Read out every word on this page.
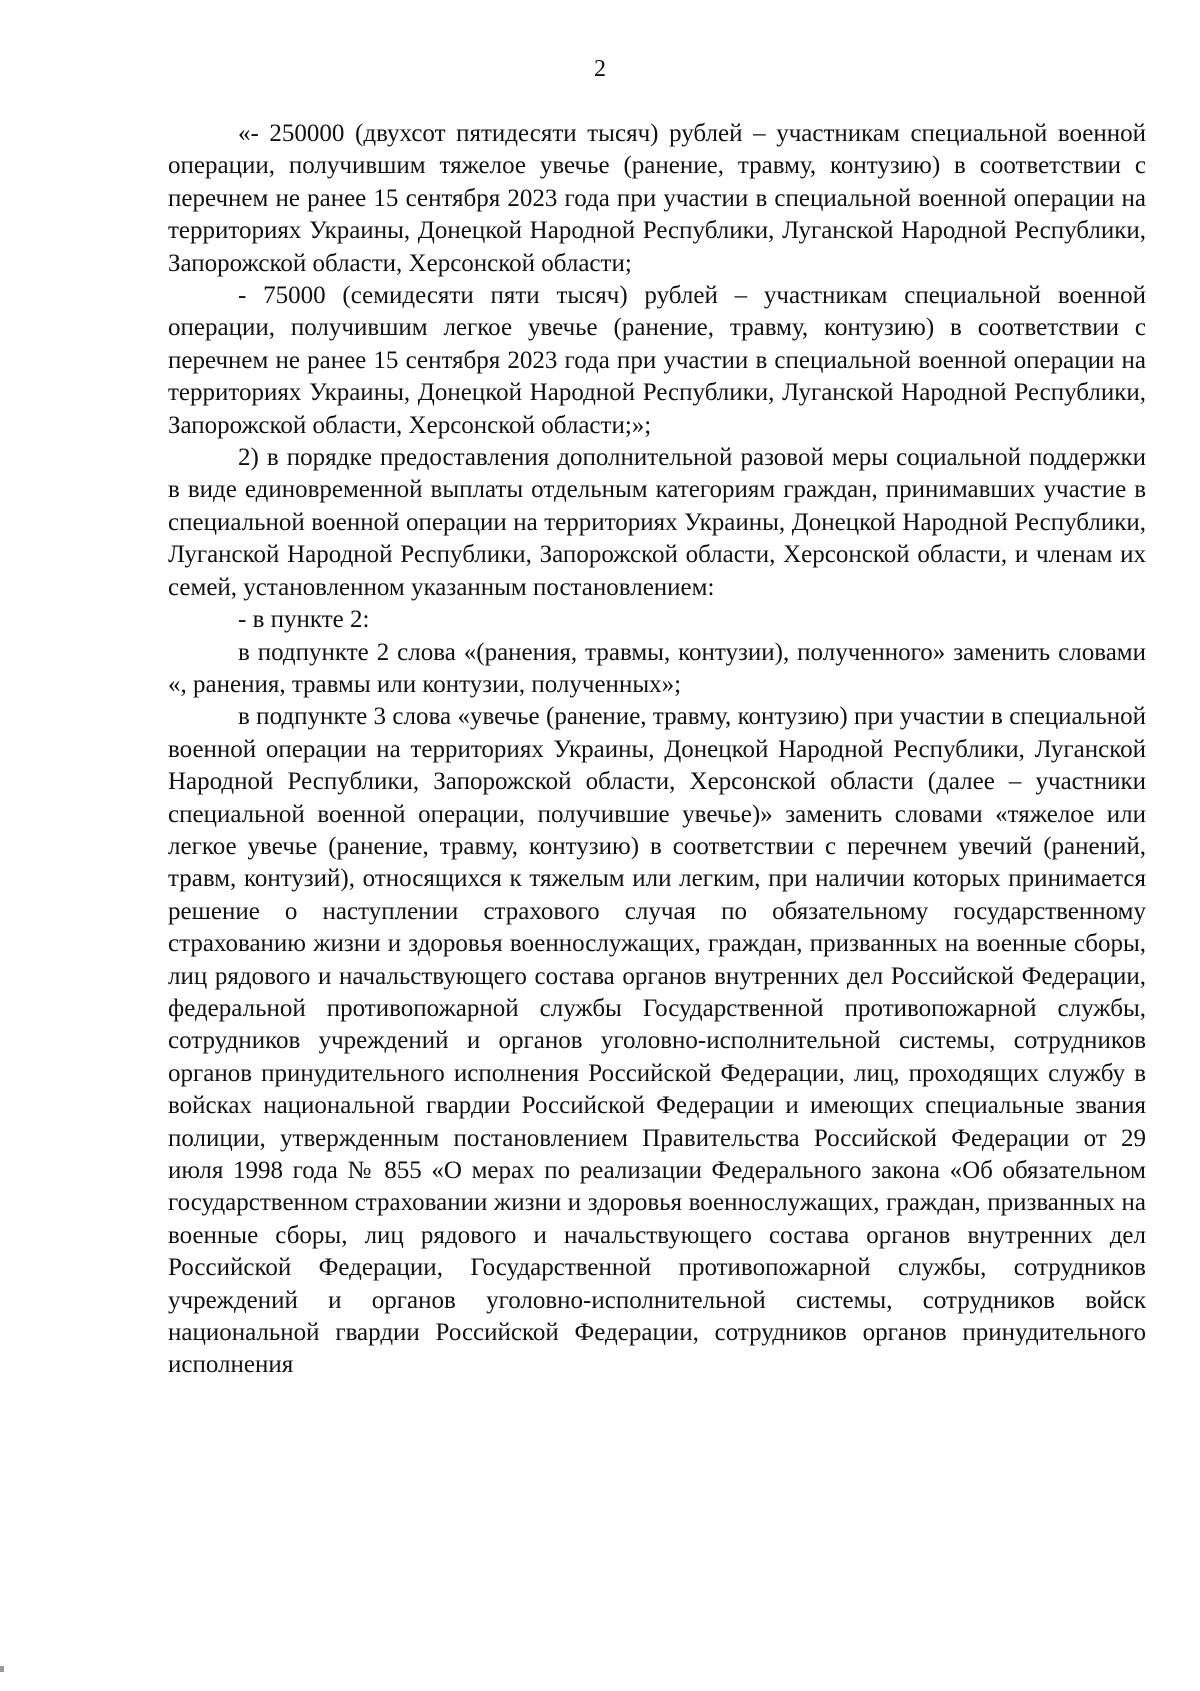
2

«- 250000 (двухсот пятидесяти тысяч) рублей – участникам специальной военной операции, получившим тяжелое увечье (ранение, травму, контузию) в соответствии с перечнем не ранее 15 сентября 2023 года при участии в специальной военной операции на территориях Украины, Донецкой Народной Республики, Луганской Народной Республики, Запорожской области, Херсонской области;

- 75000 (семидесяти пяти тысяч) рублей – участникам специальной военной операции, получившим легкое увечье (ранение, травму, контузию) в соответствии с перечнем не ранее 15 сентября 2023 года при участии в специальной военной операции на территориях Украины, Донецкой Народной Республики, Луганской Народной Республики, Запорожской области, Херсонской области;»;

2) в порядке предоставления дополнительной разовой меры социальной поддержки в виде единовременной выплаты отдельным категориям граждан, принимавших участие в специальной военной операции на территориях Украины, Донецкой Народной Республики, Луганской Народной Республики, Запорожской области, Херсонской области, и членам их семей, установленном указанным постановлением:

- в пункте 2:

в подпункте 2 слова «(ранения, травмы, контузии), полученного» заменить словами «, ранения, травмы или контузии, полученных»;

в подпункте 3 слова «увечье (ранение, травму, контузию) при участии в специальной военной операции на территориях Украины, Донецкой Народной Республики, Луганской Народной Республики, Запорожской области, Херсонской области (далее – участники специальной военной операции, получившие увечье)» заменить словами «тяжелое или легкое увечье (ранение, травму, контузию) в соответствии с перечнем увечий (ранений, травм, контузий), относящихся к тяжелым или легким, при наличии которых принимается решение о наступлении страхового случая по обязательному государственному страхованию жизни и здоровья военнослужащих, граждан, призванных на военные сборы, лиц рядового и начальствующего состава органов внутренних дел Российской Федерации, федеральной противопожарной службы Государственной противопожарной службы, сотрудников учреждений и органов уголовно-исполнительной системы, сотрудников органов принудительного исполнения Российской Федерации, лиц, проходящих службу в войсках национальной гвардии Российской Федерации и имеющих специальные звания полиции, утвержденным постановлением Правительства Российской Федерации от 29 июля 1998 года № 855 «О мерах по реализации Федерального закона «Об обязательном государственном страховании жизни и здоровья военнослужащих, граждан, призванных на военные сборы, лиц рядового и начальствующего состава органов внутренних дел Российской Федерации, Государственной противопожарной службы, сотрудников учреждений и органов уголовно-исполнительной системы, сотрудников войск национальной гвардии Российской Федерации, сотрудников органов принудительного исполнения
